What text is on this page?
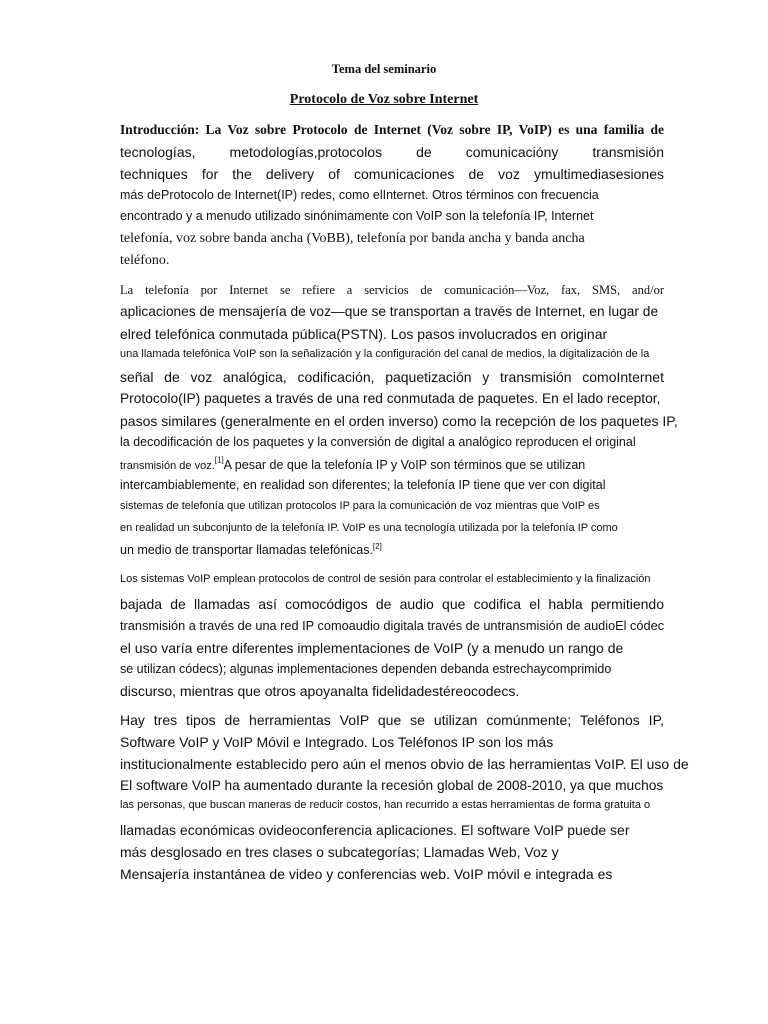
Tema del seminario
Protocolo de Voz sobre Internet
Introducción: La Voz sobre Protocolo de Internet (Voz sobre IP, VoIP) es una familia de
tecnologías, metodologías,protocolos de comunicacióny transmisión
techniques for the delivery of comunicaciones de voz ymultimediasesiones
más deProtocolo de Internet(IP) redes, como elInternet. Otros términos con frecuencia
encontrado y a menudo utilizado sinónimamente con VoIP son la telefonía IP, Internet
telefonía, voz sobre banda ancha (VoBB), telefonía por banda ancha y banda ancha
teléfono.
La telefonía por Internet se refiere a servicios de comunicación—Voz, fax, SMS, and/or
aplicaciones de mensajería de voz—que se transportan a través de Internet, en lugar de
elred telefónica conmutada pública(PSTN). Los pasos involucrados en originar
una llamada telefónica VoIP son la señalización y la configuración del canal de medios, la digitalización de la
señal de voz analógica, codificación, paquetización y transmisión comoInternet
Protocolo(IP) paquetes a través de una red conmutada de paquetes. En el lado receptor,
pasos similares (generalmente en el orden inverso) como la recepción de los paquetes IP,
la decodificación de los paquetes y la conversión de digital a analógico reproducen el original
transmisión de voz.[1]A pesar de que la telefonía IP y VoIP son términos que se utilizan
intercambiablemente, en realidad son diferentes; la telefonía IP tiene que ver con digital
sistemas de telefonía que utilizan protocolos IP para la comunicación de voz mientras que VoIP es
en realidad un subconjunto de la telefonía IP. VoIP es una tecnología utilizada por la telefonía IP como
un medio de transportar llamadas telefónicas.[2]
Los sistemas VoIP emplean protocolos de control de sesión para controlar el establecimiento y la finalización
bajada de llamadas así comocódigos de audio que codifica el habla permitiendo
transmisión a través de una red IP comoaudio digitala través de untransmisión de audioEl códec
el uso varía entre diferentes implementaciones de VoIP (y a menudo un rango de
se utilizan códecs); algunas implementaciones dependen debanda estrechaycomprimido
discurso, mientras que otros apoyanalta fidelidadestéreocodecs.
Hay tres tipos de herramientas VoIP que se utilizan comúnmente; Teléfonos IP,
Software VoIP y VoIP Móvil e Integrado. Los Teléfonos IP son los más
institucionalmente establecido pero aún el menos obvio de las herramientas VoIP. El uso de
El software VoIP ha aumentado durante la recesión global de 2008-2010, ya que muchos
las personas, que buscan maneras de reducir costos, han recurrido a estas herramientas de forma gratuita o
llamadas económicas ovideoconferencia aplicaciones. El software VoIP puede ser
más desglosado en tres clases o subcategorías; Llamadas Web, Voz y
Mensajería instantánea de video y conferencias web. VoIP móvil e integrada es
